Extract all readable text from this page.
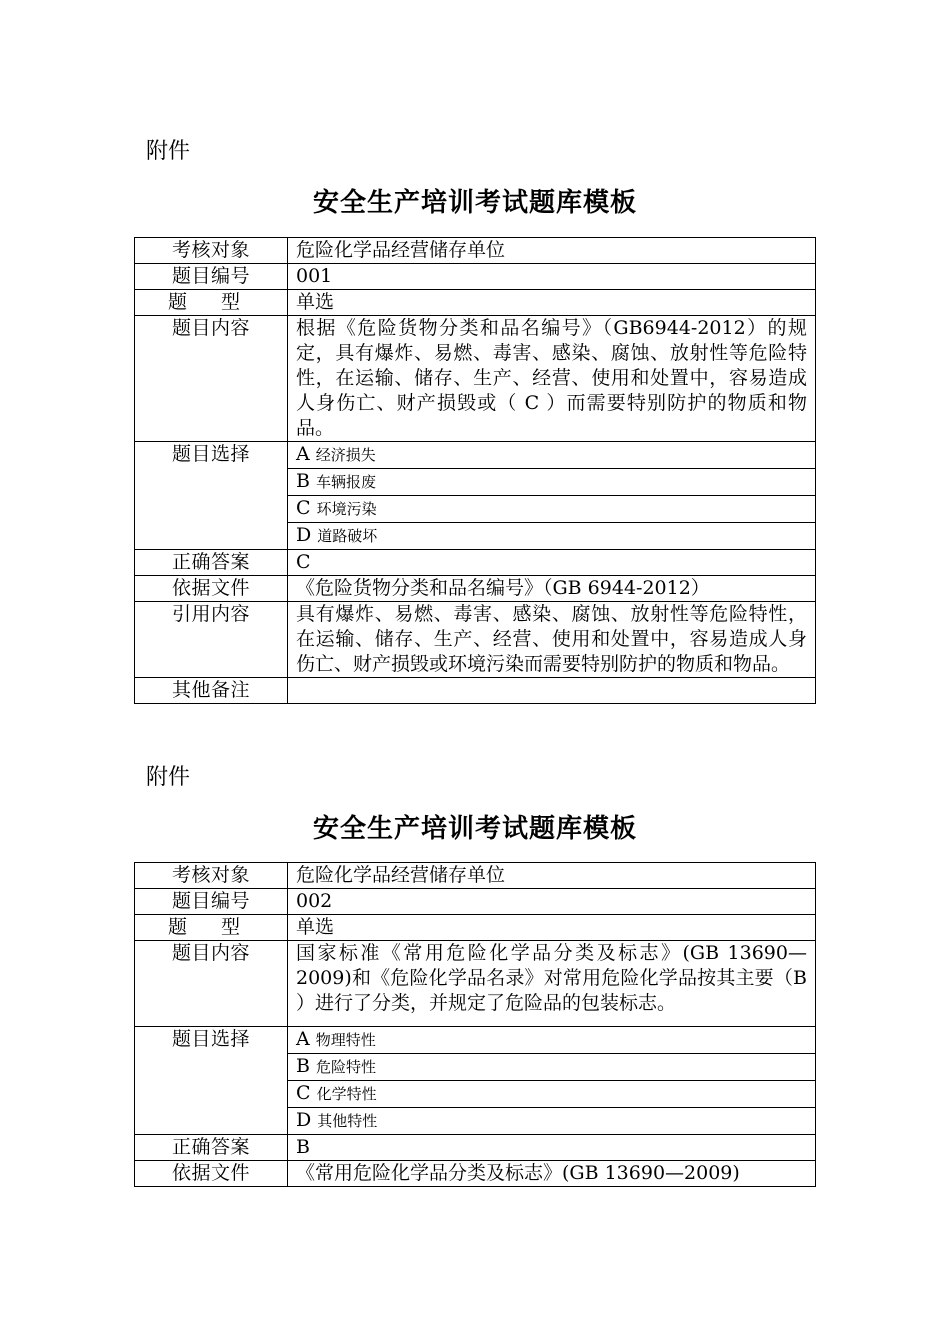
附件
安全生产培训考试题库模板
考核对象	危险化学品经营储存单位
题目编号	001
题 型	单选
题目内容	根据《危险货物分类和品名编号》（GB6944-2012）的规定，具有爆炸、易燃、毒害、感染、腐蚀、放射性等危险特性，在运输、储存、生产、经营、使用和处置中，容易造成人身伤亡、财产损毁或（ C ）而需要特别防护的物质和物品。
题目选择	A 经济损失
	B 车辆报废
	C 环境污染
	D 道路破坏
正确答案	C
依据文件	《危险货物分类和品名编号》（GB 6944-2012）
引用内容	具有爆炸、易燃、毒害、感染、腐蚀、放射性等危险特性，在运输、储存、生产、经营、使用和处置中，容易造成人身伤亡、财产损毁或环境污染而需要特别防护的物质和物品。
其他备注	
附件
安全生产培训考试题库模板
考核对象	危险化学品经营储存单位
题目编号	002
题 型	单选
题目内容	国家标准《常用危险化学品分类及标志》(GB 13690—2009)和《危险化学品名录》对常用危险化学品按其主要（B ）进行了分类，并规定了危险品的包装标志。
题目选择	A 物理特性
	B 危险特性
	C 化学特性
	D 其他特性
正确答案	B
依据文件	《常用危险化学品分类及标志》(GB 13690—2009)
